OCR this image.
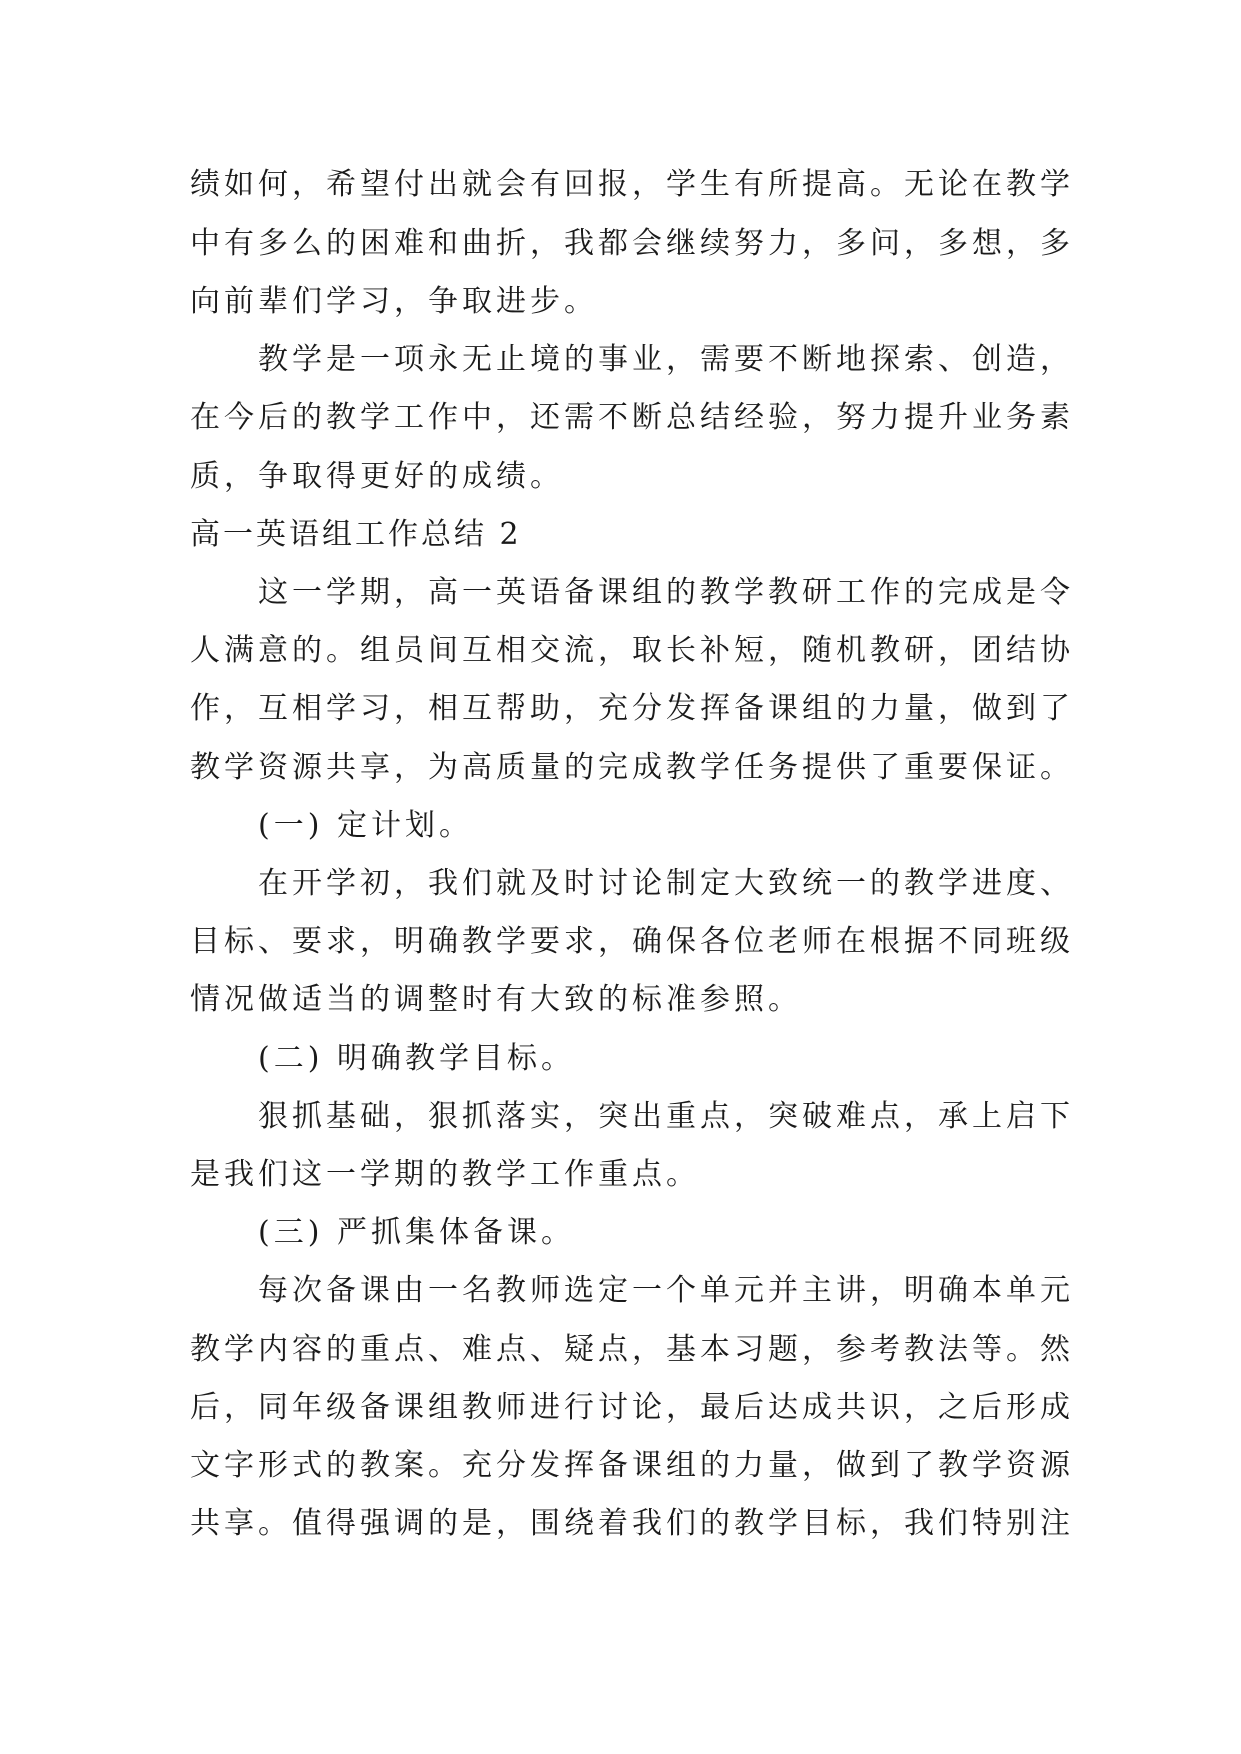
绩如何，希望付出就会有回报，学生有所提高。无论在教学
中有多么的困难和曲折，我都会继续努力，多问，多想，多
向前辈们学习，争取进步。
教学是一项永无止境的事业，需要不断地探索、创造，
在今后的教学工作中，还需不断总结经验，努力提升业务素
质，争取得更好的成绩。
高一英语组工作总结 2
这一学期，高一英语备课组的教学教研工作的完成是令
人满意的。组员间互相交流，取长补短，随机教研，团结协
作，互相学习，相互帮助，充分发挥备课组的力量，做到了
教学资源共享，为高质量的完成教学任务提供了重要保证。
(一) 定计划。
在开学初，我们就及时讨论制定大致统一的教学进度、
目标、要求，明确教学要求，确保各位老师在根据不同班级
情况做适当的调整时有大致的标准参照。
(二) 明确教学目标。
狠抓基础，狠抓落实，突出重点，突破难点，承上启下
是我们这一学期的教学工作重点。
(三) 严抓集体备课。
每次备课由一名教师选定一个单元并主讲，明确本单元
教学内容的重点、难点、疑点，基本习题，参考教法等。然
后，同年级备课组教师进行讨论，最后达成共识，之后形成
文字形式的教案。充分发挥备课组的力量，做到了教学资源
共享。值得强调的是，围绕着我们的教学目标，我们特别注
